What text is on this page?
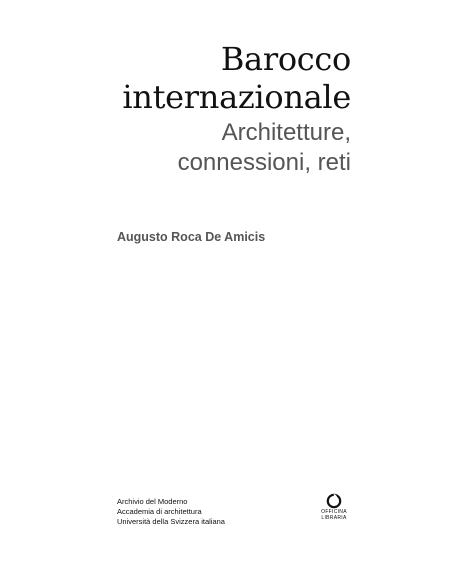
Barocco
internazionale
Architetture,
connessioni, reti
Augusto Roca De Amicis
Archivio del Moderno
Accademia di architettura
Università della Svizzera italiana
OFFICINA
LIBRARIA
